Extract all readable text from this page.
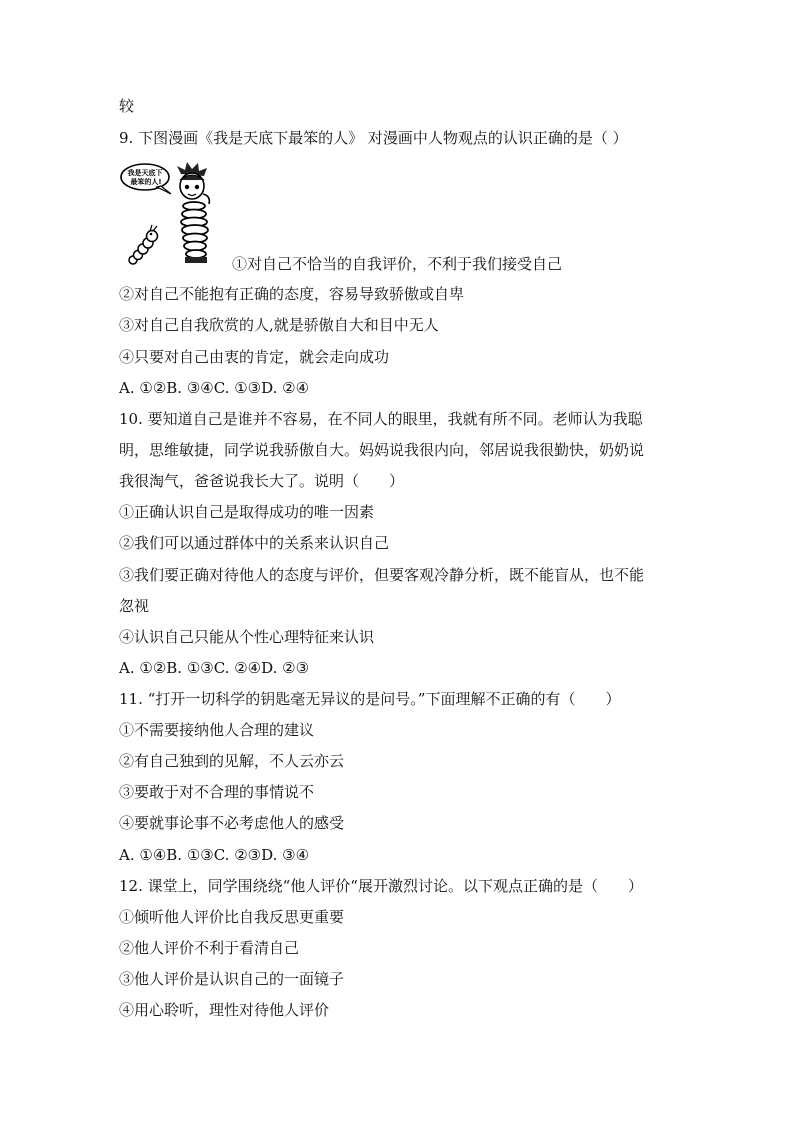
较
9. 下图漫画《我是天底下最笨的人》 对漫画中人物观点的认识正确的是（ ）
我是天底下
最笨的人!
①对自己不恰当的自我评价，不利于我们接受自己
②对自己不能抱有正确的态度，容易导致骄傲或自卑
③对自己自我欣赏的人,就是骄傲自大和目中无人
④只要对自己由衷的肯定，就会走向成功
A. ①②B. ③④C. ①③D. ②④
10. 要知道自己是谁并不容易，在不同人的眼里，我就有所不同。老师认为我聪
明，思维敏捷，同学说我骄傲自大。妈妈说我很内向，邻居说我很勤快，奶奶说
我很淘气，爸爸说我长大了。说明（　　）
①正确认识自己是取得成功的唯一因素
②我们可以通过群体中的关系来认识自己
③我们要正确对待他人的态度与评价，但要客观冷静分析，既不能盲从，也不能
忽视
④认识自己只能从个性心理特征来认识
A. ①②B. ①③C. ②④D. ②③
11. “打开一切科学的钥匙毫无异议的是问号。”下面理解不正确的有（　　）
①不需要接纳他人合理的建议
②有自己独到的见解，不人云亦云
③要敢于对不合理的事情说不
④要就事论事不必考虑他人的感受
A. ①④B. ①③C. ②③D. ③④
12. 课堂上，同学围绕绕“他人评价“展开激烈讨论。以下观点正确的是（　　）
①倾听他人评价比自我反思更重要
②他人评价不利于看清自己
③他人评价是认识自己的一面镜子
④用心聆听，理性对待他人评价
